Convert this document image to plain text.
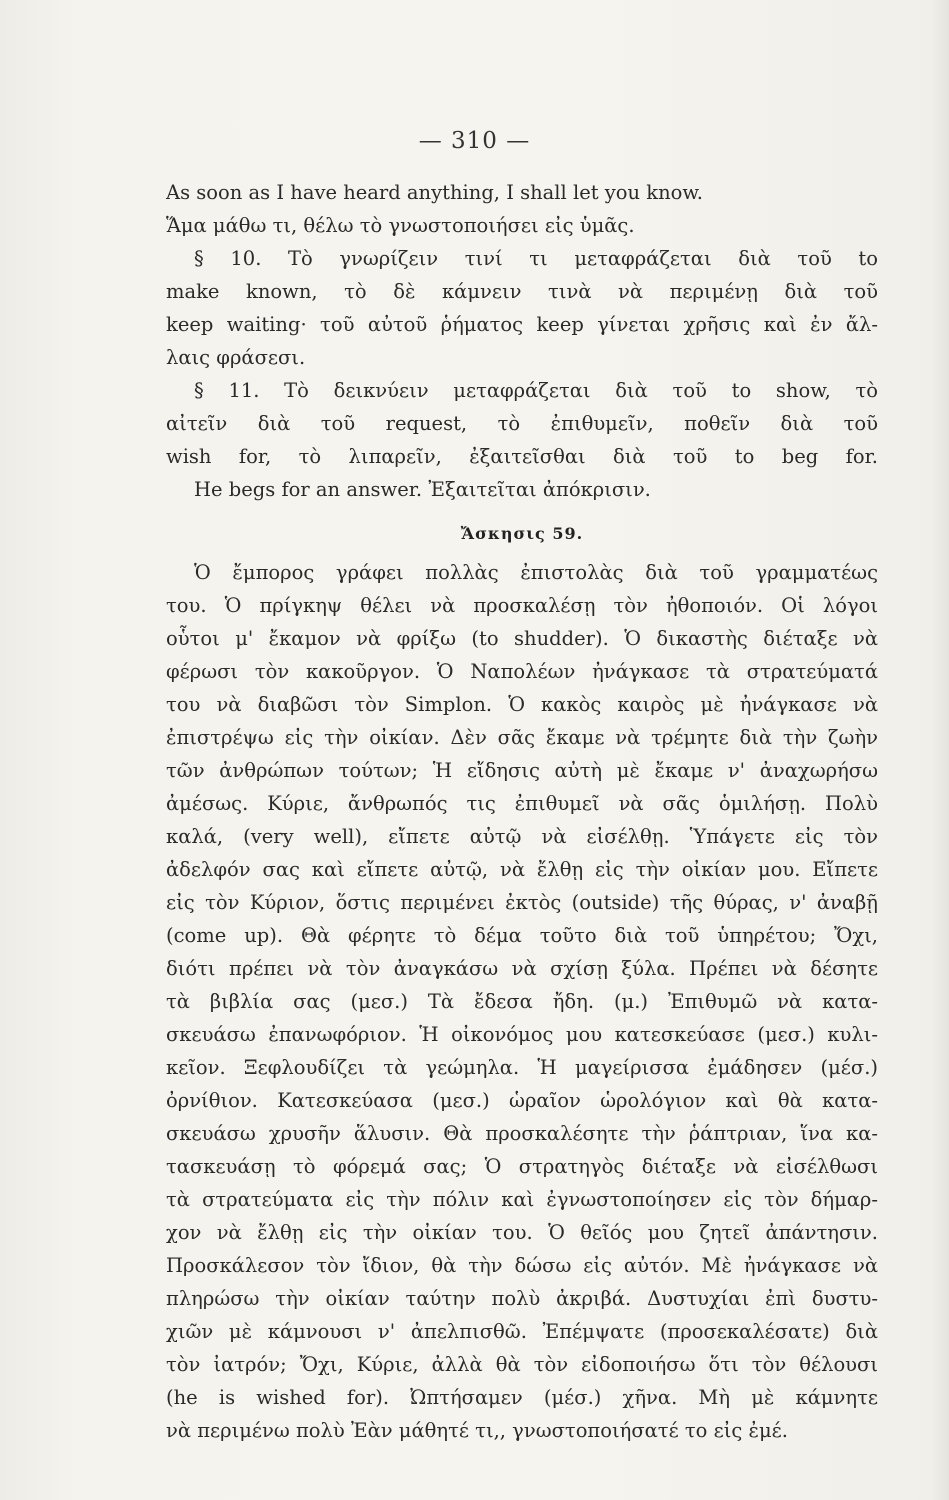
— 310 —
As soon as I have heard anything, I shall let you know.
Ἅμα μάθω τι, θέλω τὸ γνωστοποιήσει εἰς ὑμᾶς.
§ 10. Τὸ γνωρίζειν τινί τι μεταφράζεται διὰ τοῦ to
make known, τὸ δὲ κάμνειν τινὰ νὰ περιμένῃ διὰ τοῦ
keep waiting· τοῦ αὐτοῦ ῥήματος keep γίνεται χρῆσις καὶ ἐν ἄλ-
λαις φράσεσι.
§ 11. Τὸ δεικνύειν μεταφράζεται διὰ τοῦ to show, τὸ
αἰτεῖν διὰ τοῦ request, τὸ ἐπιθυμεῖν, ποθεῖν διὰ τοῦ
wish for, τὸ λιπαρεῖν, ἐξαιτεῖσθαι διὰ τοῦ to beg for.
He begs for an answer. Ἐξαιτεῖται ἀπόκρισιν.
Ἄσκησις 59.
Ὁ ἔμπορος γράφει πολλὰς ἐπιστολὰς διὰ τοῦ γραμματέως
του. Ὁ πρίγκηψ θέλει νὰ προσκαλέσῃ τὸν ἠθοποιόν. Οἱ λόγοι
οὗτοι μ' ἔκαμον νὰ φρίξω (to shudder). Ὁ δικαστὴς διέταξε νὰ
φέρωσι τὸν κακοῦργον. Ὁ Ναπολέων ἠνάγκασε τὰ στρατεύματά
του νὰ διαβῶσι τὸν Simplon. Ὁ κακὸς καιρὸς μὲ ἠνάγκασε νὰ
ἐπιστρέψω εἰς τὴν οἰκίαν. Δὲν σᾶς ἔκαμε νὰ τρέμητε διὰ τὴν ζωὴν
τῶν ἀνθρώπων τούτων; Ἡ εἴδησις αὐτὴ μὲ ἔκαμε ν' ἀναχωρήσω
ἀμέσως. Κύριε, ἄνθρωπός τις ἐπιθυμεῖ νὰ σᾶς ὁμιλήσῃ. Πολὺ
καλά, (very well), εἴπετε αὐτῷ νὰ εἰσέλθῃ. Ὑπάγετε εἰς τὸν
ἀδελφόν σας καὶ εἴπετε αὐτῷ, νὰ ἔλθῃ εἰς τὴν οἰκίαν μου. Εἴπετε
εἰς τὸν Κύριον, ὅστις περιμένει ἐκτὸς (outside) τῆς θύρας, ν' ἀναβῇ
(come up). Θὰ φέρητε τὸ δέμα τοῦτο διὰ τοῦ ὑπηρέτου; Ὄχι,
διότι πρέπει νὰ τὸν ἀναγκάσω νὰ σχίσῃ ξύλα. Πρέπει νὰ δέσητε
τὰ βιβλία σας (μεσ.) Τὰ ἔδεσα ἤδη. (μ.) Ἐπιθυμῶ νὰ κατα-
σκευάσω ἐπανωφόριον. Ἡ οἰκονόμος μου κατεσκεύασε (μεσ.) κυλι-
κεῖον. Ξεφλουδίζει τὰ γεώμηλα. Ἡ μαγείρισσα ἐμάδησεν (μέσ.)
ὀρνίθιον. Κατεσκεύασα (μεσ.) ὡραῖον ὡρολόγιον καὶ θὰ κατα-
σκευάσω χρυσῆν ἅλυσιν. Θὰ προσκαλέσητε τὴν ῥάπτριαν, ἵνα κα-
τασκευάσῃ τὸ φόρεμά σας; Ὁ στρατηγὸς διέταξε νὰ εἰσέλθωσι
τὰ στρατεύματα εἰς τὴν πόλιν καὶ ἐγνωστοποίησεν εἰς τὸν δήμαρ-
χον νὰ ἔλθῃ εἰς τὴν οἰκίαν του. Ὁ θεῖός μου ζητεῖ ἀπάντησιν.
Προσκάλεσον τὸν ἴδιον, θὰ τὴν δώσω εἰς αὐτόν. Μὲ ἠνάγκασε νὰ
πληρώσω τὴν οἰκίαν ταύτην πολὺ ἀκριβά. Δυστυχίαι ἐπὶ δυστυ-
χιῶν μὲ κάμνουσι ν' ἀπελπισθῶ. Ἐπέμψατε (προσεκαλέσατε) διὰ
τὸν ἰατρόν; Ὄχι, Κύριε, ἀλλὰ θὰ τὸν εἰδοποιήσω ὅτι τὸν θέλουσι
(he is wished for). Ὠπτήσαμεν (μέσ.) χῆνα. Μὴ μὲ κάμνητε
νὰ περιμένω πολὺ Ἐὰν μάθητέ τι,, γνωστοποιήσατέ το εἰς ἐμέ.
